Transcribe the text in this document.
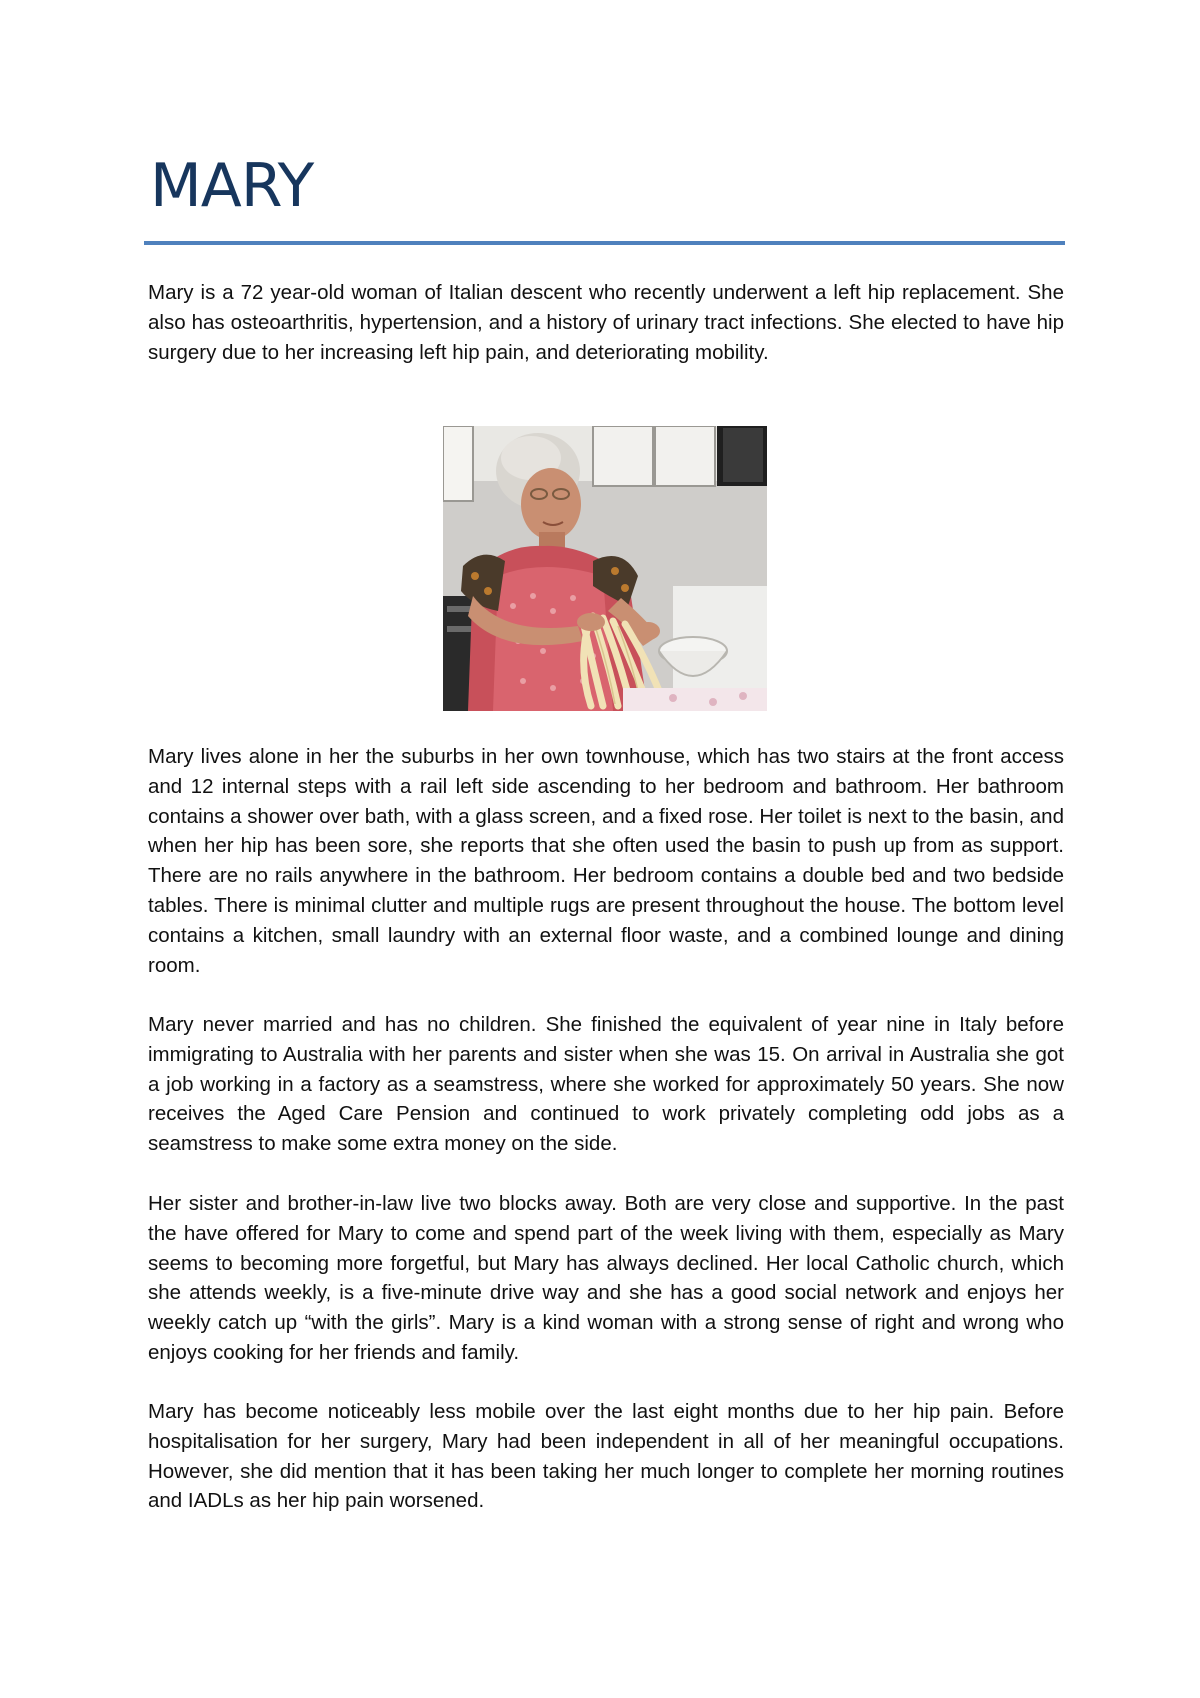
MARY

Mary is a 72 year-old woman of Italian descent who recently underwent a left hip replacement. She also has osteoarthritis, hypertension, and a history of urinary tract infections. She elected to have hip surgery due to her increasing left hip pain, and deteriorating mobility.

Mary lives alone in her the suburbs in her own townhouse, which has two stairs at the front access and 12 internal steps with a rail left side ascending to her bedroom and bathroom. Her bathroom contains a shower over bath, with a glass screen, and a fixed rose. Her toilet is next to the basin, and when her hip has been sore, she reports that she often used the basin to push up from as support. There are no rails anywhere in the bathroom. Her bedroom contains a double bed and two bedside tables. There is minimal clutter and multiple rugs are present throughout the house. The bottom level contains a kitchen, small laundry with an external floor waste, and a combined lounge and dining room.

Mary never married and has no children. She finished the equivalent of year nine in Italy before immigrating to Australia with her parents and sister when she was 15. On arrival in Australia she got a job working in a factory as a seamstress, where she worked for approximately 50 years. She now receives the Aged Care Pension and continued to work privately completing odd jobs as a seamstress to make some extra money on the side.

Her sister and brother-in-law live two blocks away. Both are very close and supportive. In the past the have offered for Mary to come and spend part of the week living with them, especially as Mary seems to becoming more forgetful, but Mary has always declined. Her local Catholic church, which she attends weekly, is a five-minute drive way and she has a good social network and enjoys her weekly catch up “with the girls”. Mary is a kind woman with a strong sense of right and wrong who enjoys cooking for her friends and family.

Mary has become noticeably less mobile over the last eight months due to her hip pain. Before hospitalisation for her surgery, Mary had been independent in all of her meaningful occupations. However, she did mention that it has been taking her much longer to complete her morning routines and IADLs as her hip pain worsened.
